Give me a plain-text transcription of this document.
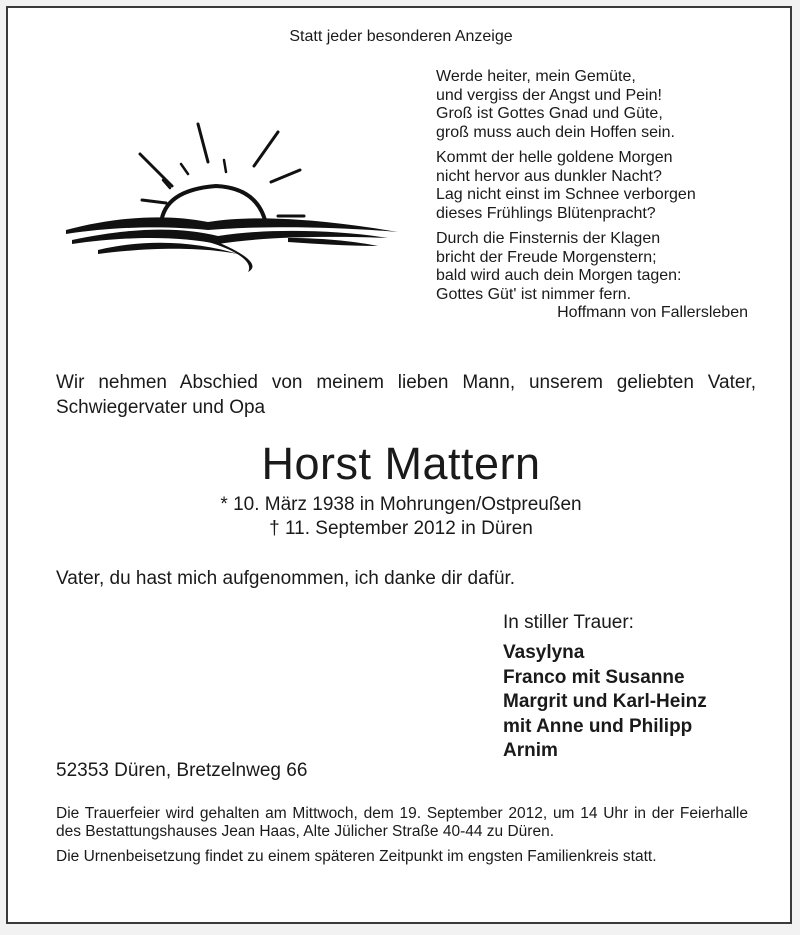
Statt jeder besonderen Anzeige
Werde heiter, mein Gemüte,
und vergiss der Angst und Pein!
Groß ist Gottes Gnad und Güte,
groß muss auch dein Hoffen sein.
Kommt der helle goldene Morgen
nicht hervor aus dunkler Nacht?
Lag nicht einst im Schnee verborgen
dieses Frühlings Blütenpracht?
Durch die Finsternis der Klagen
bricht der Freude Morgenstern;
bald wird auch dein Morgen tagen:
Gottes Güt' ist nimmer fern.
Hoffmann von Fallersleben
Wir nehmen Abschied von meinem lieben Mann, unserem geliebten Vater, Schwiegervater und Opa
Horst Mattern
* 10. März 1938 in Mohrungen/Ostpreußen
† 11. September 2012 in Düren
Vater, du hast mich aufgenommen, ich danke dir dafür.
In stiller Trauer:
Vasylyna
Franco mit Susanne
Margrit und Karl-Heinz
mit Anne und Philipp
Arnim
52353 Düren, Bretzelnweg 66

Die Trauerfeier wird gehalten am Mittwoch, dem 19. September 2012, um 14 Uhr in der Feierhalle des Bestattungshauses Jean Haas, Alte Jülicher Straße 40-44 zu Düren.

Die Urnenbeisetzung findet zu einem späteren Zeitpunkt im engsten Familienkreis statt.
